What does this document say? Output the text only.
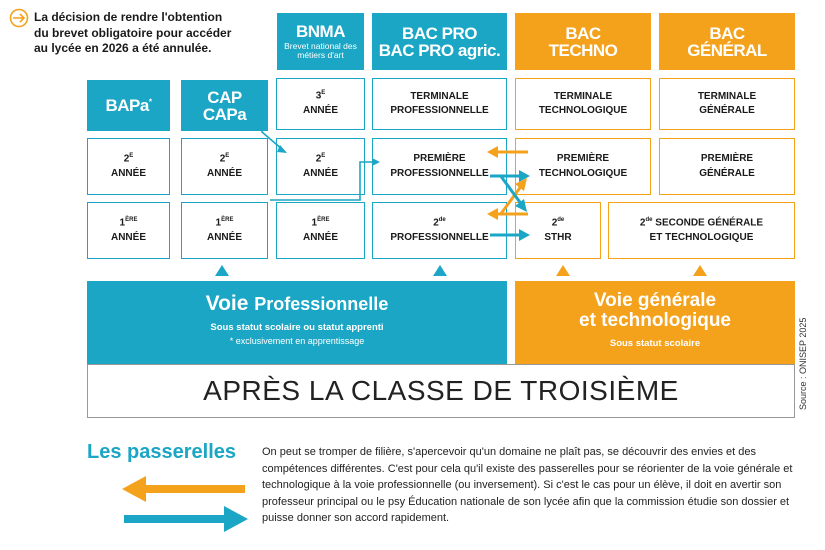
La décision de rendre l'obtention
du brevet obligatoire pour accéder
au lycée en 2026 a été annulée.
BNMA
Brevet national des métiers d'art
BAC PRO
BAC PRO agric.
BAC
TECHNO
BAC
GÉNÉRAL
BAPa*	CAP
CAPa
$3^E$
ANNÉE
TERMINALE
PROFESSIONNELLE
TERMINALE
TECHNOLOGIQUE
TERMINALE
GÉNÉRALE
$2^E$
ANNÉE
$2^E$
ANNÉE
$2^E$
ANNÉE
PREMIÈRE
PROFESSIONNELLE
PREMIÈRE
TECHNOLOGIQUE
PREMIÈRE
GÉNÉRALE
1ÈRE
ANNÉE
1ÈRE
ANNÉE
1ÈRE
ANNÉE
2de
PROFESSIONNELLE
2de
STHR
2de SECONDE GÉNÉRALE
ET TECHNOLOGIQUE
Voie Professionnelle
Sous statut scolaire ou statut apprenti
* exclusivement en apprentissage
Voie générale
et technologique
Sous statut scolaire
APRÈS LA CLASSE DE TROISIÈME	Source : ONISEP 2025
Les passerelles On peut se tromper de filière, s'apercevoir qu'un domaine ne plaît pas, se découvrir des envies et des compétences différentes. C'est pour cela qu'il existe des passerelles pour se réorienter de la voie générale et technologique à la voie professionnelle (ou inversement). Si c'est le cas pour un élève, il doit en avertir son professeur principal ou le psy Éducation nationale de son lycée afin que la commission étudie son dossier et puisse donner son accord rapidement.
